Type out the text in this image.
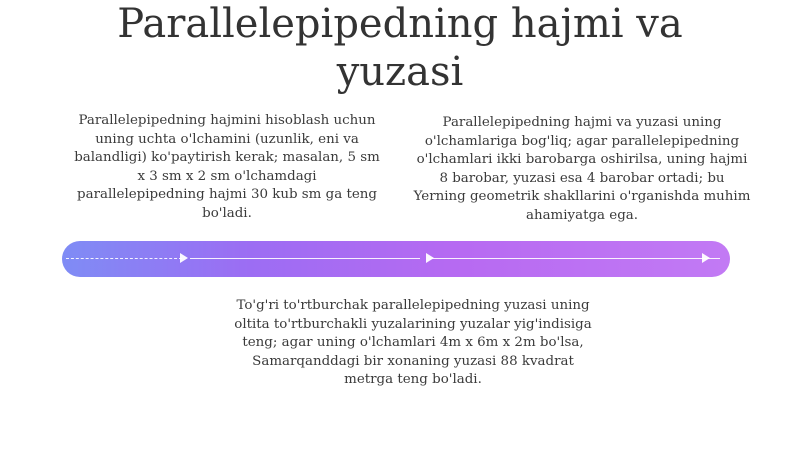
Parallelepipedning hajmi va yuzasi

Parallelepipedning hajmini hisoblash uchun uning uchta o'lchamini (uzunlik, eni va balandligi) ko'paytirish kerak; masalan, 5 sm x 3 sm x 2 sm o'lchamdagi parallelepipedning hajmi 30 kub sm ga teng bo'ladi.

Parallelepipedning hajmi va yuzasi uning o'lchamlariga bog'liq; agar parallelepipedning o'lchamlari ikki barobarga oshirilsa, uning hajmi 8 barobar, yuzasi esa 4 barobar ortadi; bu Yerning geometrik shakllarini o'rganishda muhim ahamiyatga ega.

To'g'ri to'rtburchak parallelepipedning yuzasi uning oltita to'rtburchakli yuzalarining yuzalar yig'indisiga teng; agar uning o'lchamlari 4m x 6m x 2m bo'lsa, Samarqanddagi bir xonaning yuzasi 88 kvadrat metrga teng bo'ladi.
